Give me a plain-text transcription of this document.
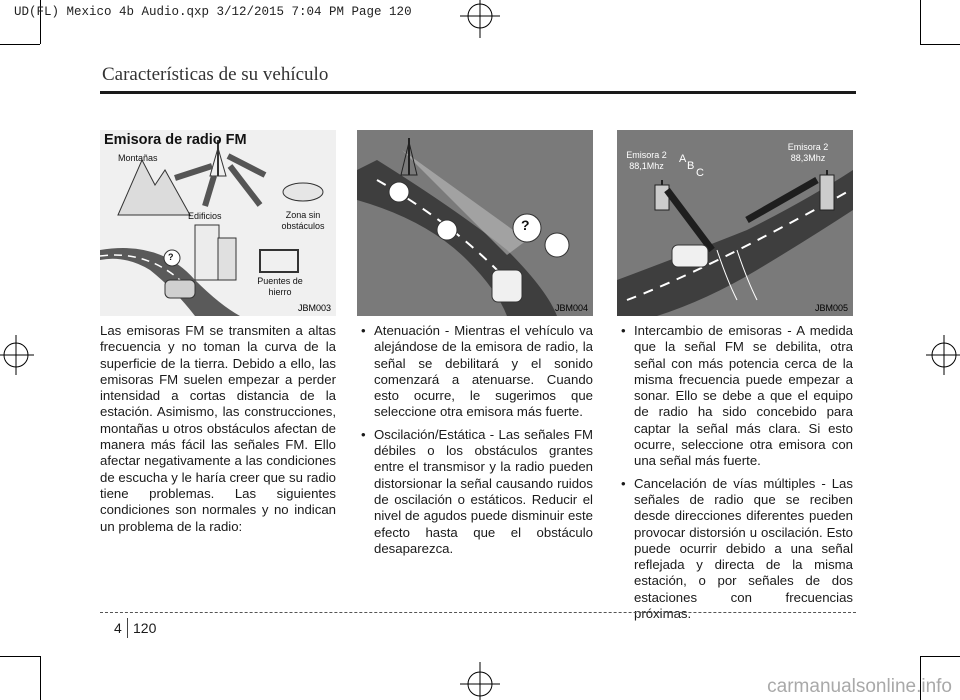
UD(FL) Mexico 4b Audio.qxp 3/12/2015 7:04 PM Page 120
Características de su vehículo
Emisora de radio FM
Montañas
Edificios	Zona sin
obstáculos
Puentes de
hierro
?
JBM003
?
JBM004
Emisora 2
88,1Mhz
Emisora 2
88,3Mhz
A
B
C
JBM005
Las emisoras FM se transmiten a altas frecuencia y no toman la curva de la superficie de la tierra. Debido a ello, las emisoras FM suelen empezar a perder intensidad a cortas distancia de la estación. Asimismo, las construcciones, montañas u otros obstáculos afectan de manera más fácil las señales FM. Ello afectar negativamente a las condiciones de escucha y le haría creer que su radio tiene problemas. Las siguientes condiciones son normales y no indican un problema de la radio:
• Atenuación - Mientras el vehículo va alejándose de la emisora de radio, la señal se debilitará y el sonido comenzará a atenuarse. Cuando esto ocurre, le sugerimos que seleccione otra emisora más fuerte.
• Oscilación/Estática - Las señales FM débiles o los obstáculos grantes entre el transmisor y la radio pueden distorsionar la señal causando ruidos de oscilación o estáticos. Reducir el nivel de agudos puede disminuir este efecto hasta que el obstáculo desaparezca.
• Intercambio de emisoras - A medida que la señal FM se debilita, otra señal con más potencia cerca de la misma frecuencia puede empezar a sonar. Ello se debe a que el equipo de radio ha sido concebido para captar la señal más clara. Si esto ocurre, seleccione otra emisora con una señal más fuerte.
• Cancelación de vías múltiples - Las señales de radio que se reciben desde direcciones diferentes pueden provocar distorsión u oscilación. Esto puede ocurrir debido a una señal reflejada y directa de la misma estación, o por señales de dos estaciones con frecuencias próximas.
4 120
carmanualsonline.info
